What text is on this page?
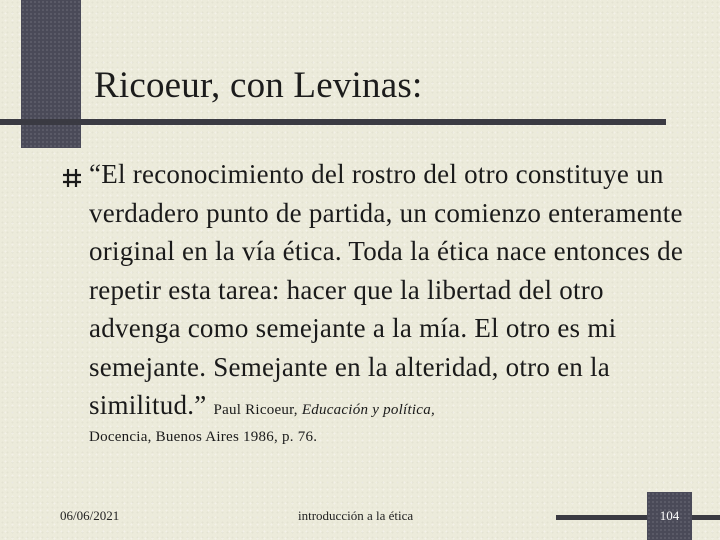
Ricoeur, con Levinas:
“El reconocimiento del rostro del otro constituye un verdadero punto de partida, un comienzo enteramente original en la vía ética. Toda la ética nace entonces de repetir esta tarea: hacer que la libertad del otro advenga como semejante a la mía. El otro es mi semejante. Semejante en la alteridad, otro en la similitud.” Paul Ricoeur, Educación y política,
Docencia, Buenos Aires 1986, p. 76.
06/06/2021	introducción a la ética	104
